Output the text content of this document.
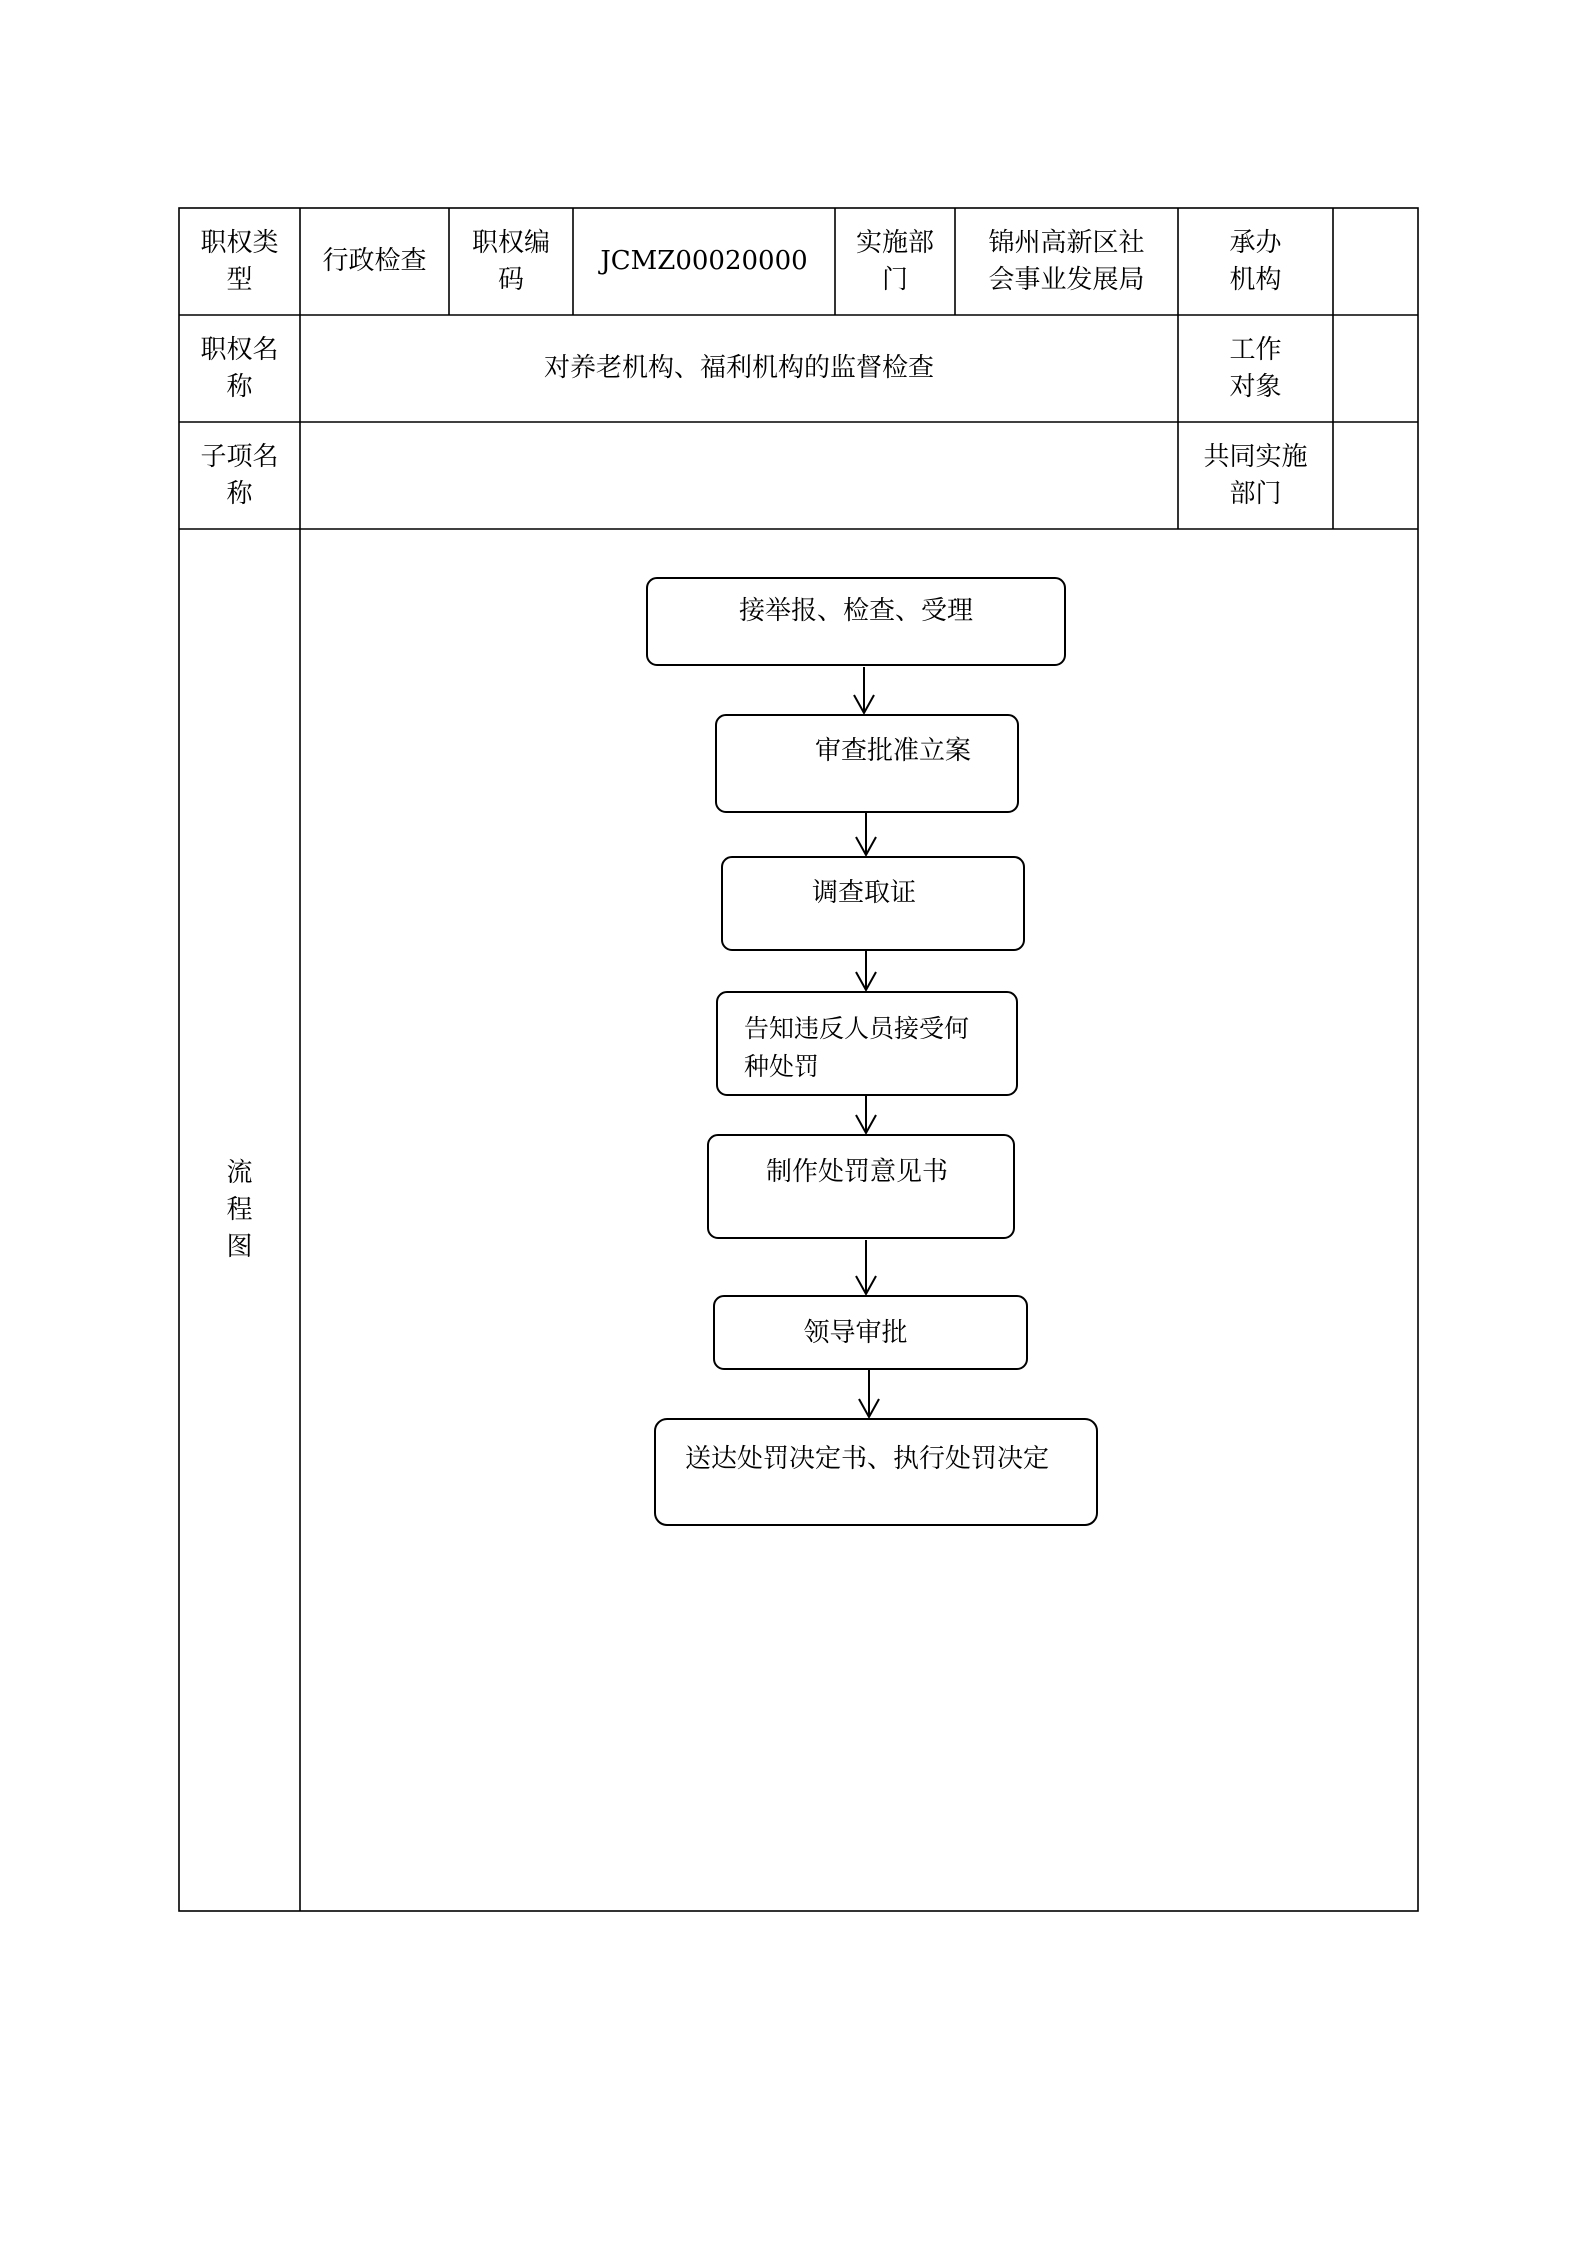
职权类
型
行政检查
职权编
码
JCMZ00020000
实施部
门
锦州高新区社
会事业发展局
承办
机构
职权名
称
对养老机构、福利机构的监督检查
工作
对象
子项名
称
共同实施
部门
流
程
图
接举报、检查、受理
审查批准立案
调查取证
告知违反人员接受何
种处罚
制作处罚意见书
领导审批
送达处罚决定书、执行处罚决定
